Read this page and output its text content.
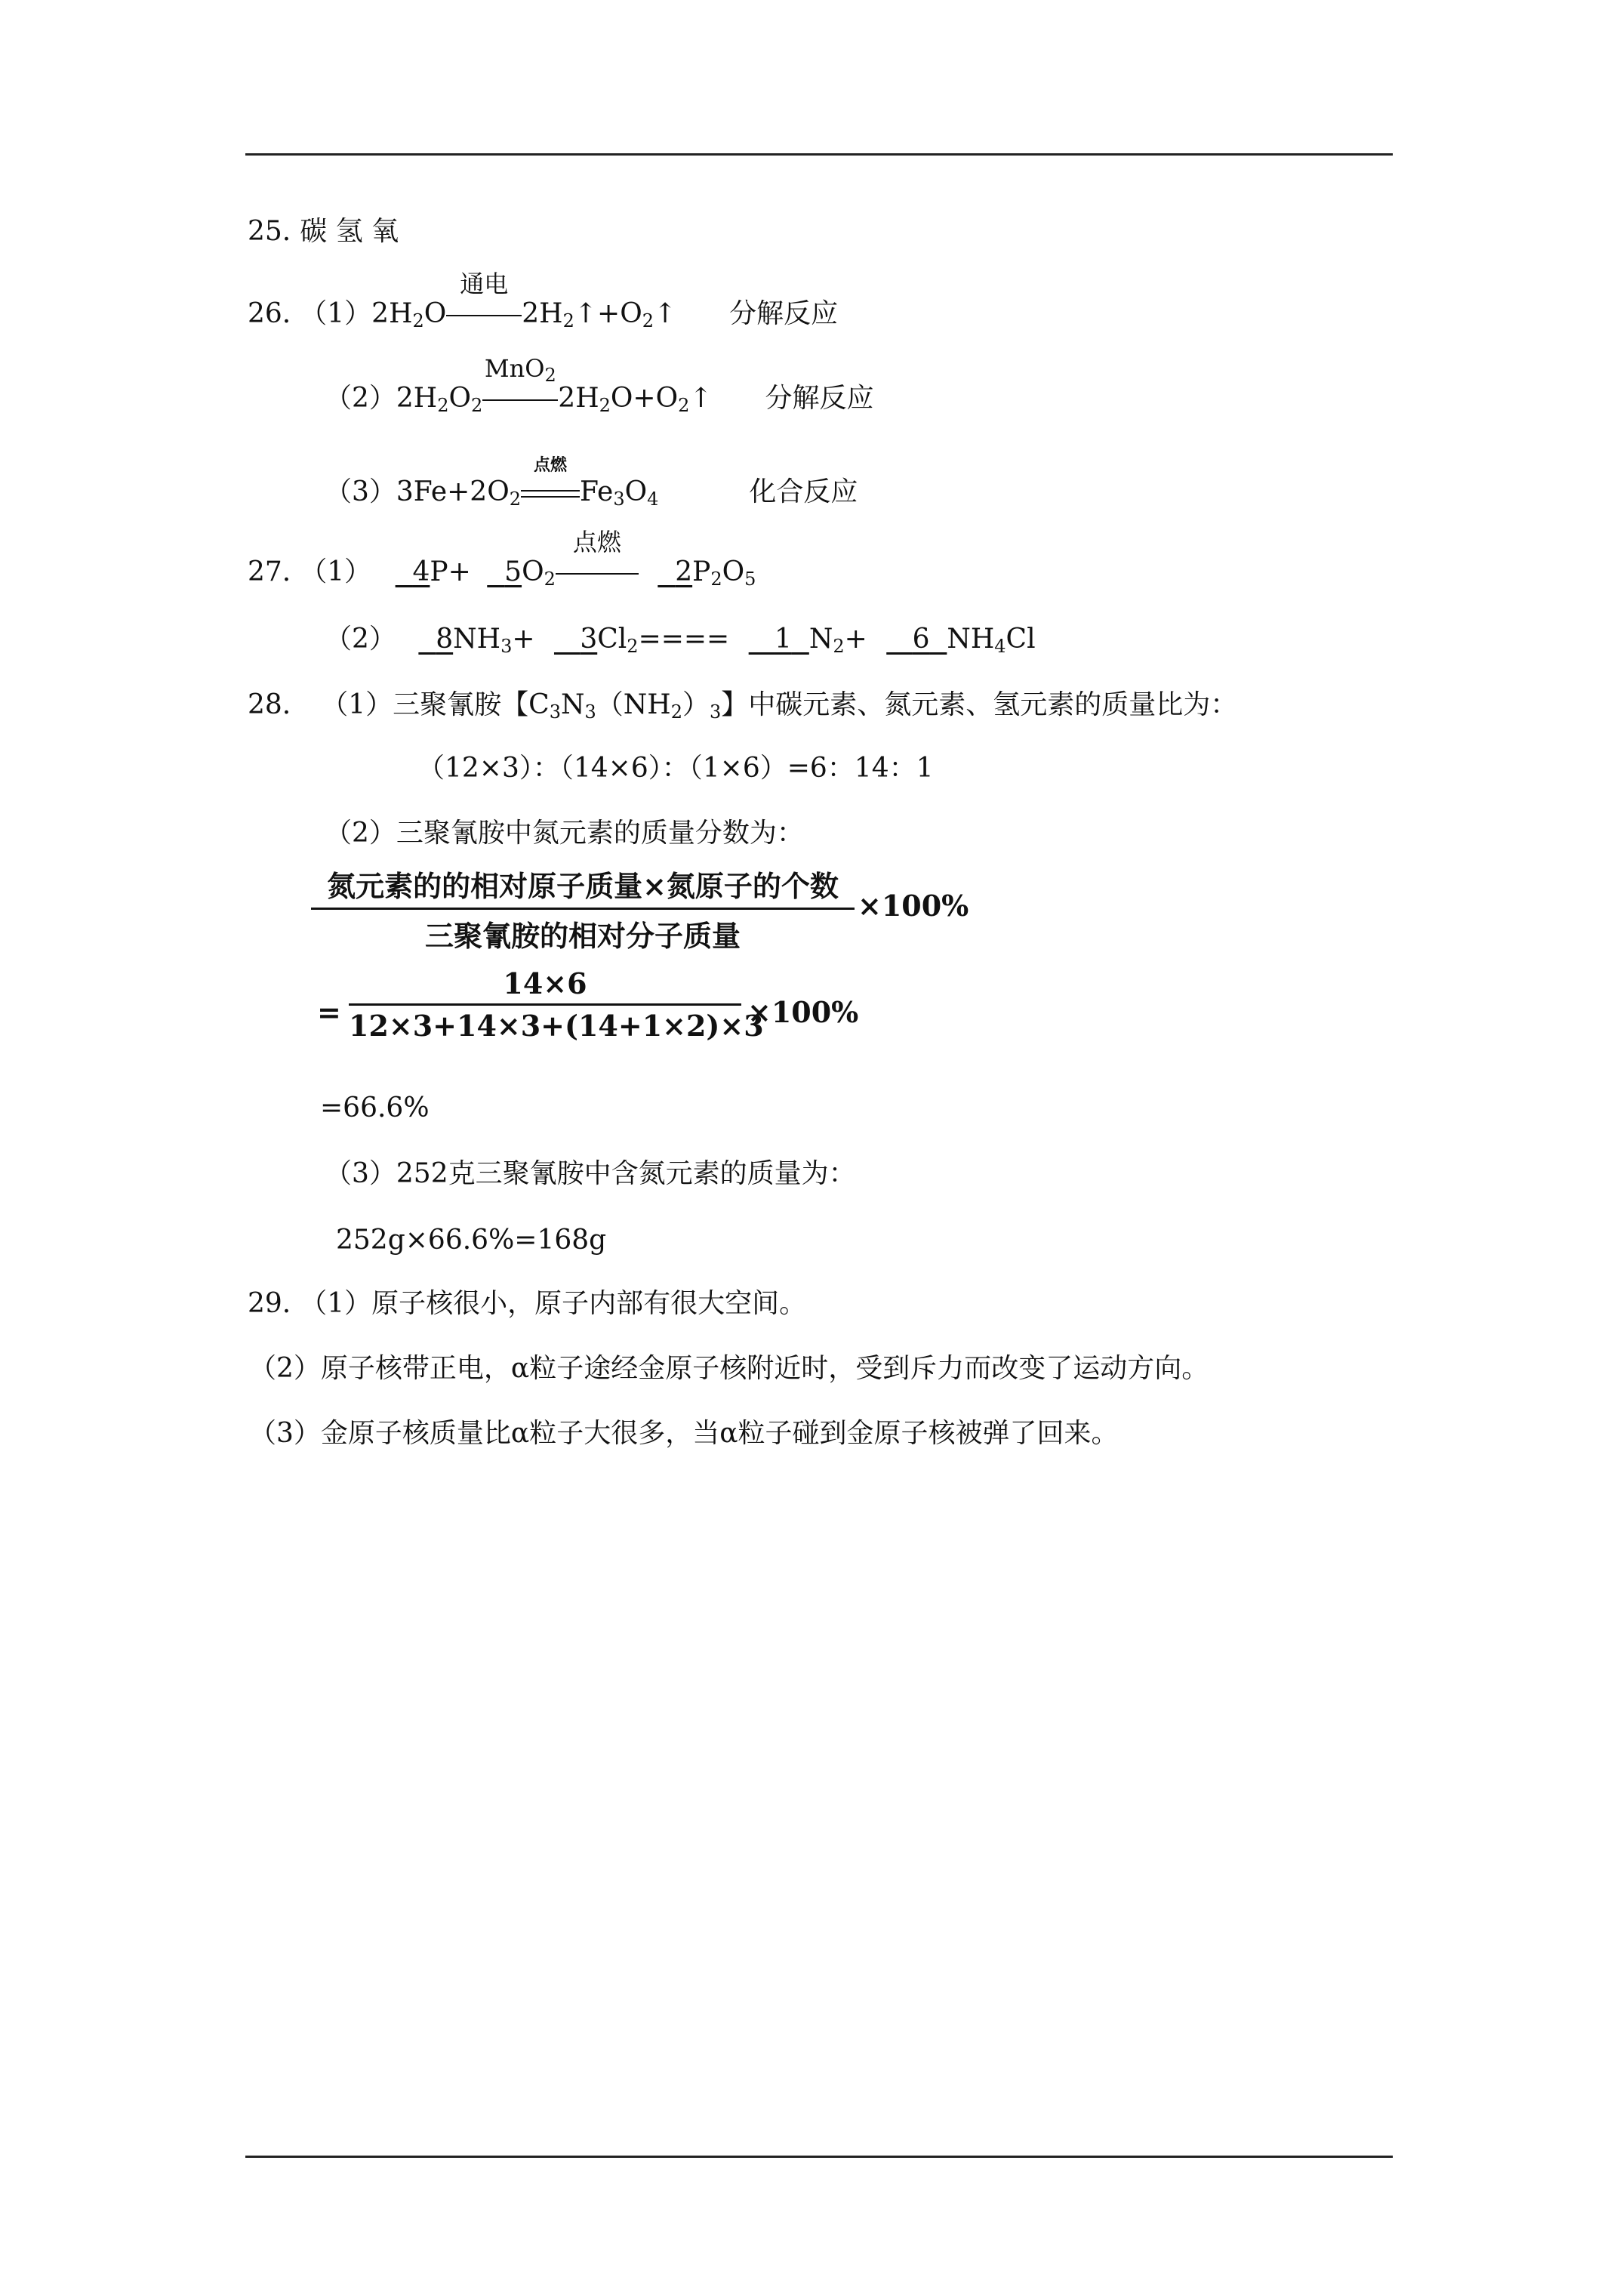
25. 碳 氢 氧
26. $(1)2H_2O$
通电
$2H_2↑+O_2↑$ 分解反应
$(2)2H_2O_2$
MnO$_2$
$2H_2O+O_2↑$ 分解反应
$(3)3Fe+2O_2$
点燃
$Fe_3O_4$	化合反应
27. （1） $4P+ 5O_2$
点燃
$2P_2O_5$
（2） $8NH_3+ 3Cl_2==== 1$ $N_2+ 6$ $NH_4Cl$
28. （1）三聚氰胺【$C_3N_3(NH_2)_3$】中碳元素、氮元素、氢元素的质量比为：
（12×3）：（14×6）：（1×6）=6：14：1
（2）三聚氰胺中氮元素的质量分数为：
氮元素的的相对原子质量×氮原子的个数
三聚氰胺的相对分子质量
×100%
=
14×6
12×3+14×3+(14+1×2)×3
×100%
=66.6%
（3）252克三聚氰胺中含氮元素的质量为：
252g×66.6%=168g
29. （1）原子核很小，原子内部有很大空间。
（2）原子核带正电，α粒子途经金原子核附近时，受到斥力而改变了运动方向。
（3）金原子核质量比α粒子大很多，当α粒子碰到金原子核被弹了回来。
